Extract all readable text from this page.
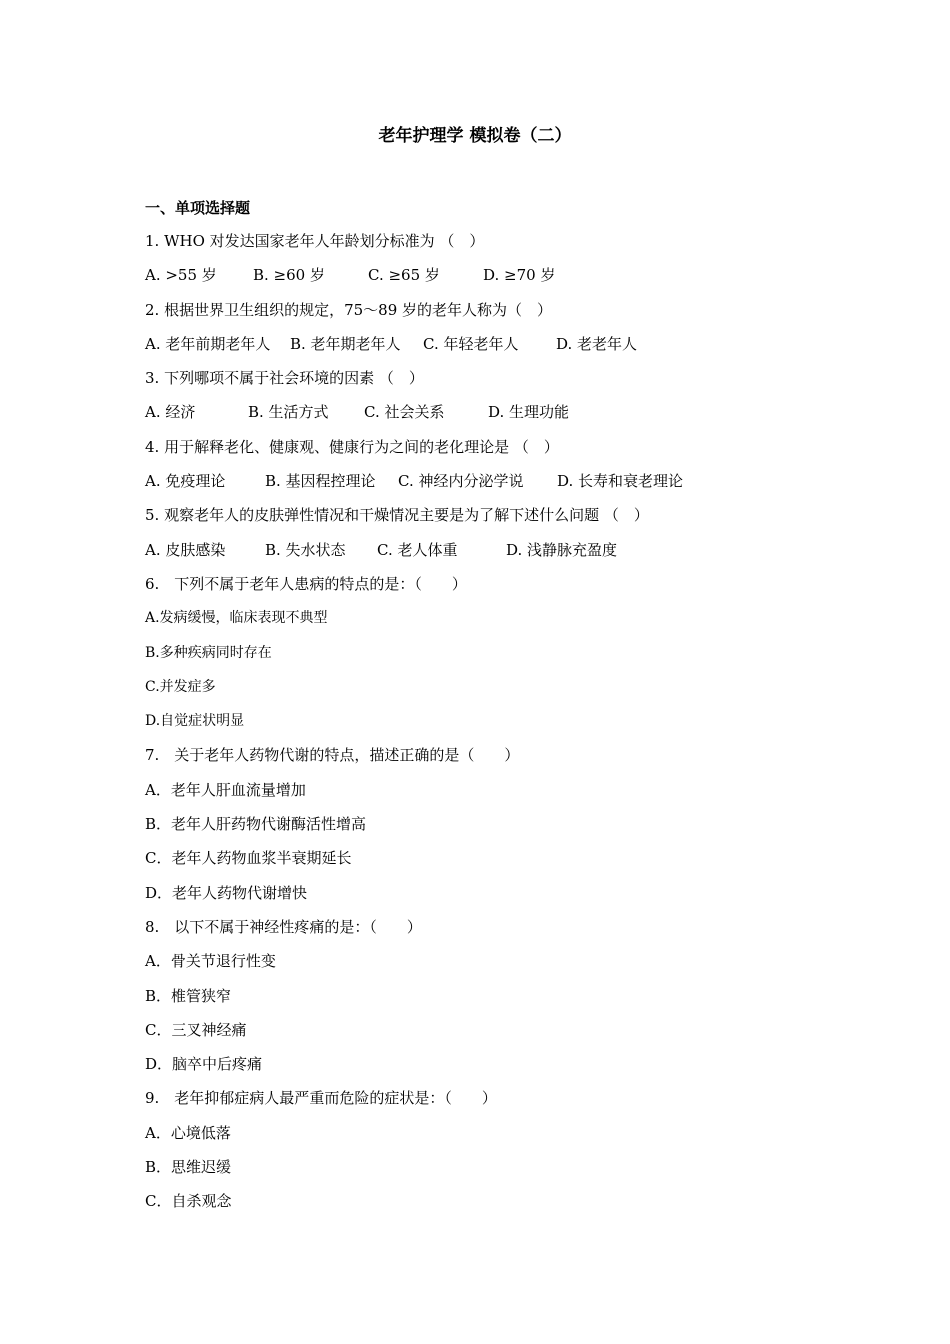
老年护理学 模拟卷（二）
一、单项选择题
1. WHO 对发达国家老年人年龄划分标准为 （　）
A. >55 岁	B. ≥60 岁	C. ≥65 岁	D. ≥70 岁
2. 根据世界卫生组织的规定，75～89 岁的老年人称为（　）
A. 老年前期老年人	B. 老年期老年人	C. 年轻老年人	D. 老老年人
3. 下列哪项不属于社会环境的因素 （　）
A. 经济	B. 生活方式	C. 社会关系	D. 生理功能
4. 用于解释老化、健康观、健康行为之间的老化理论是 （　）
A. 免疫理论	B. 基因程控理论	C. 神经内分泌学说	D. 长寿和衰老理论
5. 观察老年人的皮肤弹性情况和干燥情况主要是为了解下述什么问题 （　）
A. 皮肤感染	B. 失水状态	C. 老人体重	D. 浅静脉充盈度
6.　下列不属于老年人患病的特点的是：（　　）
A.发病缓慢，临床表现不典型
B.多种疾病同时存在
C.并发症多
D.自觉症状明显
7.　关于老年人药物代谢的特点，描述正确的是（　　）
A．老年人肝血流量增加
B．老年人肝药物代谢酶活性增高
C．老年人药物血浆半衰期延长
D．老年人药物代谢增快
8.　以下不属于神经性疼痛的是：（　　）
A．骨关节退行性变
B．椎管狭窄
C．三叉神经痛
D．脑卒中后疼痛
9.　老年抑郁症病人最严重而危险的症状是：（　　）
A．心境低落
B．思维迟缓
C．自杀观念
